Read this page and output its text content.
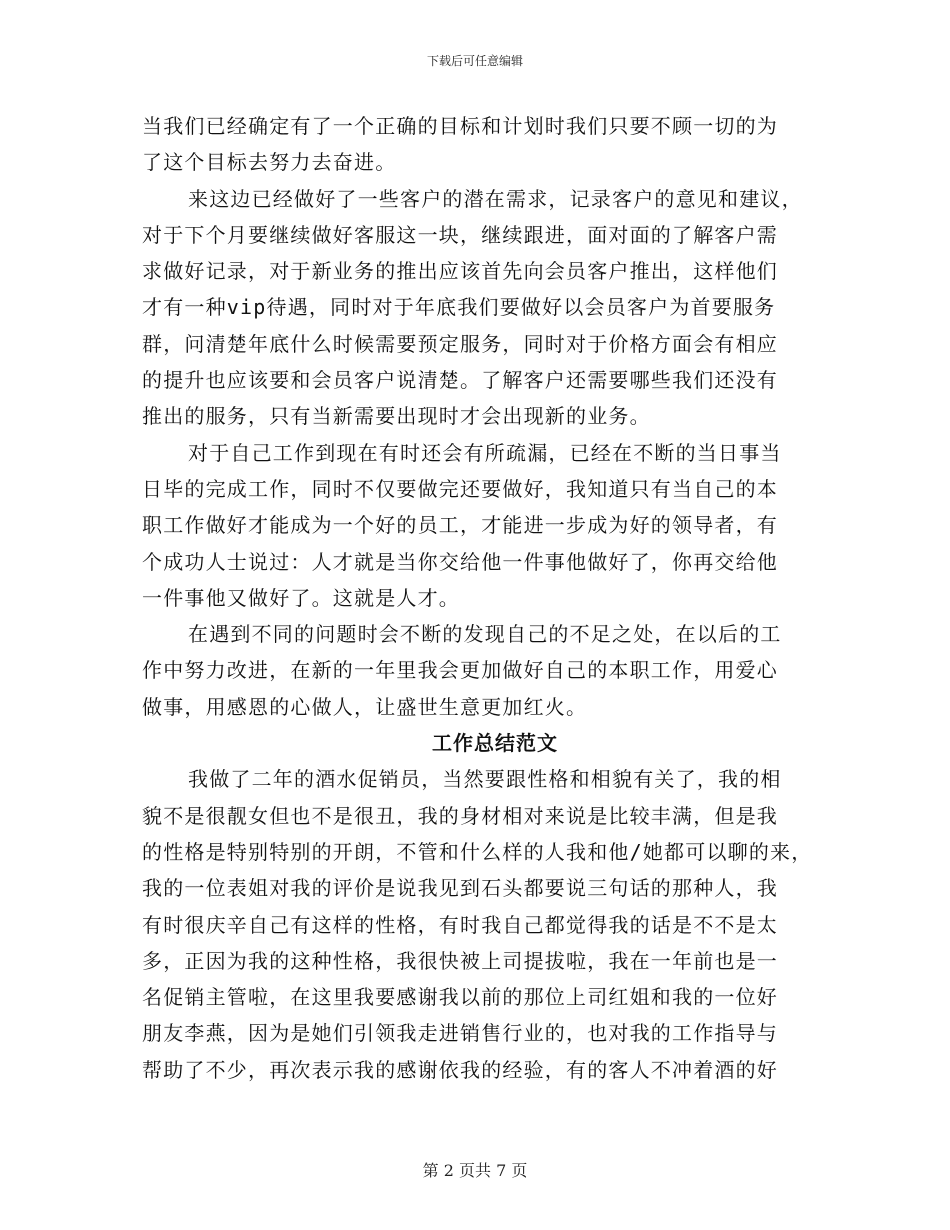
下载后可任意编辑
当我们已经确定有了一个正确的目标和计划时我们只要不顾一切的为
了这个目标去努力去奋进。
来这边已经做好了一些客户的潜在需求，记录客户的意见和建议，
对于下个月要继续做好客服这一块，继续跟进，面对面的了解客户需
求做好记录，对于新业务的推出应该首先向会员客户推出，这样他们
才有一种vip待遇，同时对于年底我们要做好以会员客户为首要服务
群，问清楚年底什么时候需要预定服务，同时对于价格方面会有相应
的提升也应该要和会员客户说清楚。了解客户还需要哪些我们还没有
推出的服务，只有当新需要出现时才会出现新的业务。
对于自己工作到现在有时还会有所疏漏，已经在不断的当日事当
日毕的完成工作，同时不仅要做完还要做好，我知道只有当自己的本
职工作做好才能成为一个好的员工，才能进一步成为好的领导者，有
个成功人士说过：人才就是当你交给他一件事他做好了，你再交给他
一件事他又做好了。这就是人才。
在遇到不同的问题时会不断的发现自己的不足之处，在以后的工
作中努力改进，在新的一年里我会更加做好自己的本职工作，用爱心
做事，用感恩的心做人，让盛世生意更加红火。
工作总结范文
我做了二年的酒水促销员，当然要跟性格和相貌有关了，我的相
貌不是很靓女但也不是很丑，我的身材相对来说是比较丰满，但是我
的性格是特别特别的开朗，不管和什么样的人我和他/她都可以聊的来，
我的一位表姐对我的评价是说我见到石头都要说三句话的那种人，我
有时很庆辛自己有这样的性格，有时我自己都觉得我的话是不不是太
多，正因为我的这种性格，我很快被上司提拔啦，我在一年前也是一
名促销主管啦，在这里我要感谢我以前的那位上司红姐和我的一位好
朋友李燕，因为是她们引领我走进销售行业的，也对我的工作指导与
帮助了不少，再次表示我的感谢依我的经验，有的客人不冲着酒的好
第 2 页共 7 页
